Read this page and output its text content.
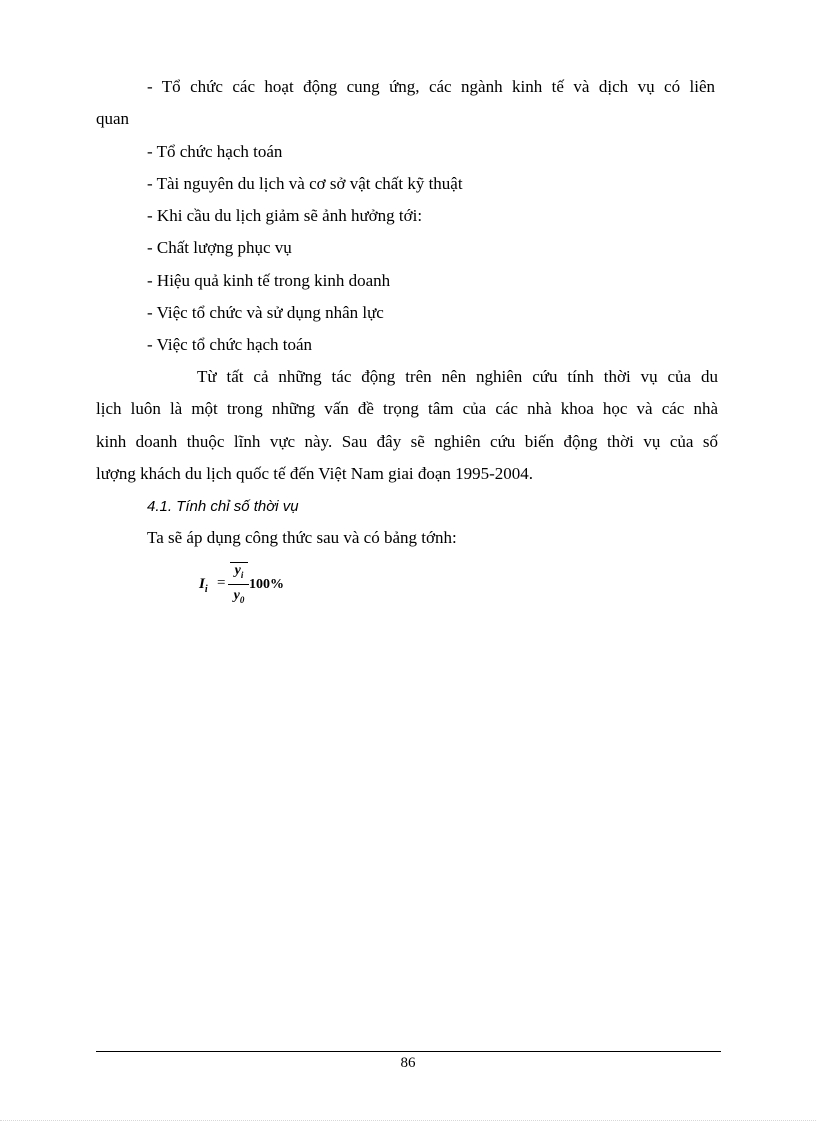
- Tổ chức các hoạt động cung ứng, các ngành kinh tế và dịch vụ có liên
quan
- Tổ chức hạch toán
- Tài nguyên du lịch và cơ sở vật chất kỹ thuật
- Khi cầu du lịch giảm sẽ ảnh hưởng tới:
- Chất lượng phục vụ
- Hiệu quả kinh tế trong kinh doanh
- Việc tổ chức và sử dụng nhân lực
- Việc tổ chức hạch toán
Từ tất cả những tác động trên nên nghiên cứu tính thời vụ của du
lịch luôn là một trong những vấn đề trọng tâm của các nhà khoa học và các nhà
kinh doanh thuộc lĩnh vực này. Sau đây sẽ nghiên cứu biến động thời vụ của số
lượng khách du lịch quốc tế đến Việt Nam giai đoạn 1995-2004.
4.1. Tính chỉ số thời vụ
Ta sẽ áp dụng công thức sau và có bảng tớnh:
$I_i$ =
$y_i$
$y_0$
100%
86
